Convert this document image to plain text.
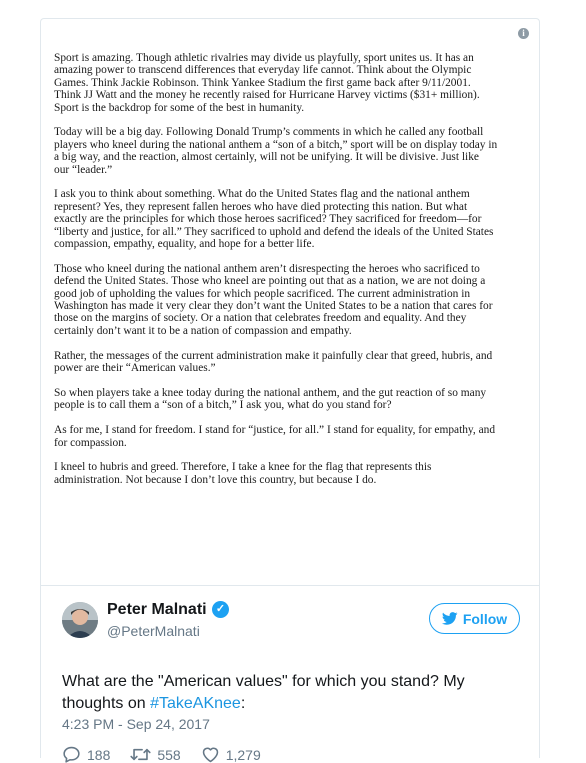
i
Sport is amazing. Though athletic rivalries may divide us playfully, sport unites us. It has an
amazing power to transcend differences that everyday life cannot. Think about the Olympic
Games. Think Jackie Robinson. Think Yankee Stadium the first game back after 9/11/2001.
Think JJ Watt and the money he recently raised for Hurricane Harvey victims ($31+ million).
Sport is the backdrop for some of the best in humanity.
Today will be a big day. Following Donald Trump’s comments in which he called any football
players who kneel during the national anthem a “son of a bitch,” sport will be on display today in
a big way, and the reaction, almost certainly, will not be unifying. It will be divisive. Just like
our “leader.”
I ask you to think about something. What do the United States flag and the national anthem
represent? Yes, they represent fallen heroes who have died protecting this nation. But what
exactly are the principles for which those heroes sacrificed? They sacrificed for freedom—for
“liberty and justice, for all.” They sacrificed to uphold and defend the ideals of the United States
compassion, empathy, equality, and hope for a better life.
Those who kneel during the national anthem aren’t disrespecting the heroes who sacrificed to
defend the United States. Those who kneel are pointing out that as a nation, we are not doing a
good job of upholding the values for which people sacrificed. The current administration in
Washington has made it very clear they don’t want the United States to be a nation that cares for
those on the margins of society. Or a nation that celebrates freedom and equality. And they
certainly don’t want it to be a nation of compassion and empathy.
Rather, the messages of the current administration make it painfully clear that greed, hubris, and
power are their “American values.”
So when players take a knee today during the national anthem, and the gut reaction of so many
people is to call them a “son of a bitch,” I ask you, what do you stand for?
As for me, I stand for freedom. I stand for “justice, for all.” I stand for equality, for empathy, and
for compassion.
I kneel to hubris and greed. Therefore, I take a knee for the flag that represents this
administration. Not because I don’t love this country, but because I do.
Peter Malnati ✓
@PeterMalnati
Follow
What are the "American values" for which you stand? My thoughts on #TakeAKnee:
4:23 PM - Sep 24, 2017
188	558	1,279
